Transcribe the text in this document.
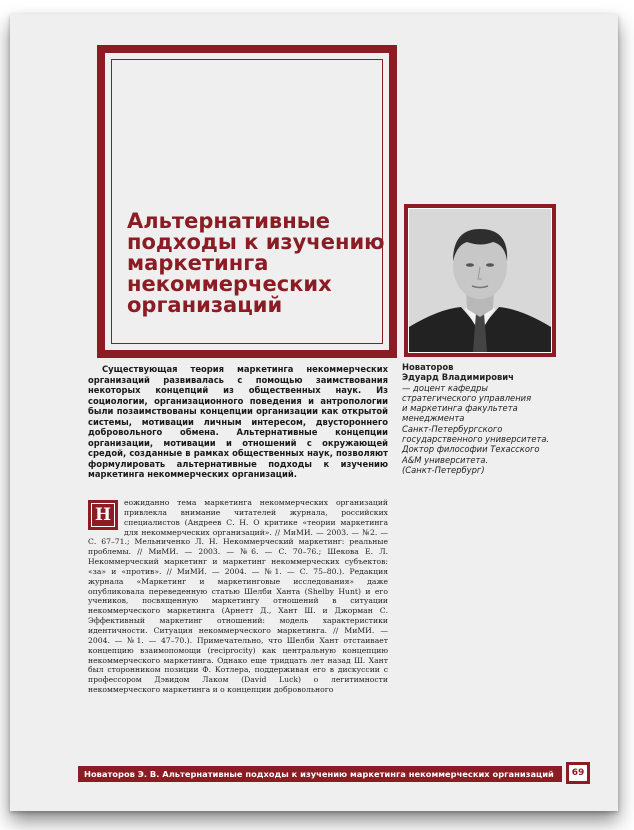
Альтернативные
подходы к изучению
маркетинга
некоммерческих
организаций
Новаторов
Эдуард Владимирович
— доцент кафедры
стратегического управления
и маркетинга факультета
менеджмента
Санкт-Петербургского
государственного университета.
Доктор философии Техасского
A&M университета.
(Санкт-Петербург)

Существующая теория маркетинга некоммерческих организаций развивалась с помощью заимствования некоторых концепций из общественных наук. Из социологии, организационного поведения и антропологии были позаимствованы концепции организации как открытой системы, мотивации личным интересом, двустороннего добровольного обмена. Альтернативные концепции организации, мотивации и отношений с окружающей средой, созданные в рамках общественных наук, позволяют формулировать альтернативные подходы к изучению маркетинга некоммерческих организаций.

Н

еожиданно тема маркетинга некоммерческих организаций привлекла внимание читателей журнала, российских специалистов (Андреев С. Н. О критике «теории маркетинга для некоммерческих организаций». // МиМИ. — 2003. — №2. — С. 67–71.; Мельниченко Л. Н. Некоммерческий маркетинг: реальные проблемы. // МиМИ. — 2003. — №6. — С. 70–76.; Шекова Е. Л. Некоммерческий маркетинг и маркетинг некоммерческих субъектов: «за» и «против». // МиМИ. — 2004. — №1. — С. 75–80.). Редакция журнала «Маркетинг и маркетинговые исследования» даже опубликовала переведенную статью Шелби Ханта (Shelby Hunt) и его учеников, посвященную маркетингу отношений в ситуации некоммерческого маркетинга (Арнетт Д., Хант Ш. и Джорман С. Эффективный маркетинг отношений: модель характеристики идентичности. Ситуация некоммерческого маркетинга. // МиМИ. — 2004. — №1. — 47–70.). Примечательно, что Шелби Хант отстаивает концепцию взаимопомощи (reciprocity) как центральную концепцию некоммерческого маркетинга. Однако еще тридцать лет назад Ш. Хант был сторонником позиции Ф. Котлера, поддерживая его в дискуссии с профессором Дэвидом Лаком (David Luck) о легитимности некоммерческого маркетинга и о концепции добровольного

Новаторов Э. В. Альтернативные подходы к изучению маркетинга некоммерческих организаций	69
